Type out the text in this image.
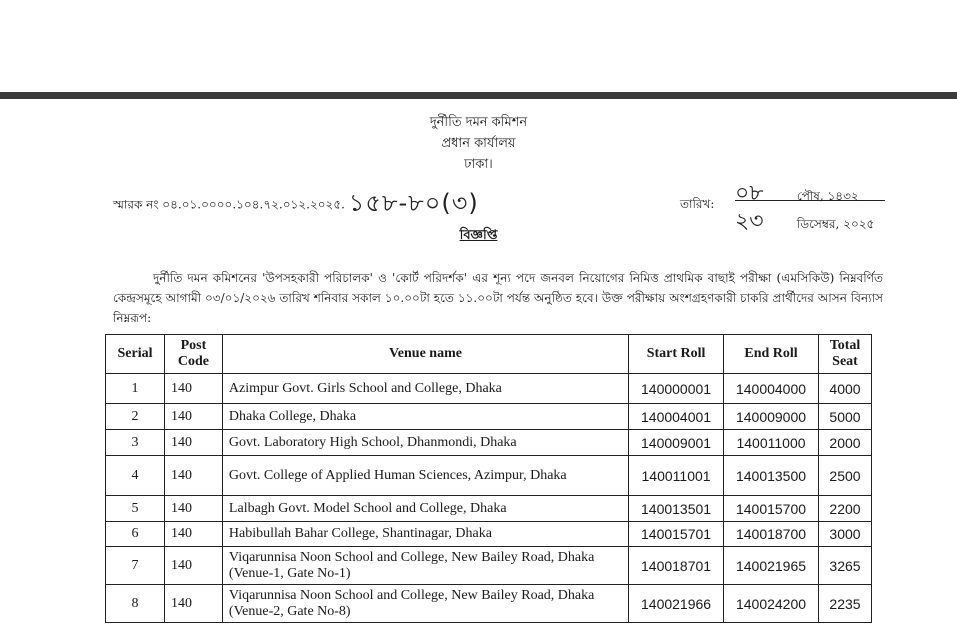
দুর্নীতি দমন কমিশন
প্রধান কার্যালয়
ঢাকা।
স্মারক নং ০৪.০১.০০০০.১০৪.৭২.০১২.২০২৫. ১৫৮-৮০(৩)	তারিখ: ০৮	পৌষ, ১৪৩২
২৩	ডিসেম্বর, ২০২৫
বিজ্ঞপ্তি
দুর্নীতি দমন কমিশনের 'উপসহকারী পরিচালক' ও 'কোর্ট পরিদর্শক' এর শূন্য পদে জনবল নিয়োগের নিমিত্ত প্রাথমিক বাছাই পরীক্ষা (এমসিকিউ) নিম্নবর্ণিত কেন্দ্রসমূহে আগামী ০৩/০১/২০২৬ তারিখ শনিবার সকাল ১০.০০টা হতে ১১.০০টা পর্যন্ত অনুষ্ঠিত হবে। উক্ত পরীক্ষায় অংশগ্রহণকারী চাকরি প্রার্থীদের আসন বিন্যাস নিম্নরূপ:
Serial	Post Code	Venue name	Start Roll	End Roll	Total Seat
1	140	Azimpur Govt. Girls School and College, Dhaka	140000001	140004000	4000
2	140	Dhaka College, Dhaka	140004001	140009000	5000
3	140	Govt. Laboratory High School, Dhanmondi, Dhaka	140009001	140011000	2000
4	140	Govt. College of Applied Human Sciences, Azimpur, Dhaka	140011001	140013500	2500
5	140	Lalbagh Govt. Model School and College, Dhaka	140013501	140015700	2200
6	140	Habibullah Bahar College, Shantinagar, Dhaka	140015701	140018700	3000
7	140	Viqarunnisa Noon School and College, New Bailey Road, Dhaka (Venue-1, Gate No-1)	140018701	140021965	3265
8	140	Viqarunnisa Noon School and College, New Bailey Road, Dhaka (Venue-2, Gate No-8)	140021966	140024200	2235
